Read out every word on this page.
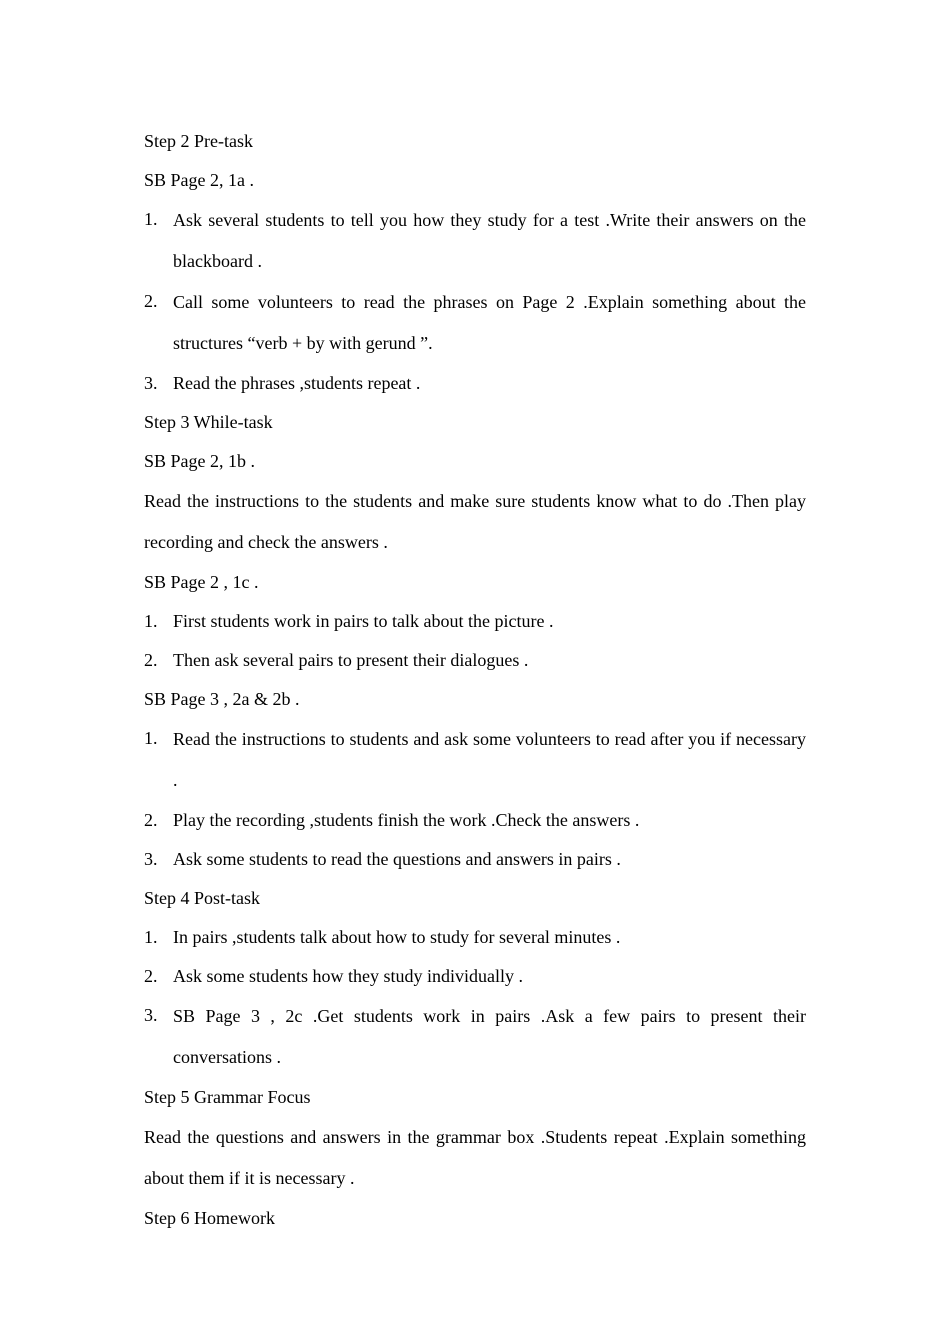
Step 2 Pre-task

SB Page 2, 1a .

1. Ask several students to tell you how they study for a test .Write their answers on the blackboard .
2. Call some volunteers to read the phrases on Page 2 .Explain something about the structures “verb + by with gerund ”.
3. Read the phrases ,students repeat .

Step 3 While-task

SB Page 2, 1b .

Read the instructions to the students and make sure students know what to do .Then play recording and check the answers .

SB Page 2 , 1c .

1. First students work in pairs to talk about the picture .
2. Then ask several pairs to present their dialogues .

SB Page 3 , 2a & 2b .

1. Read the instructions to students and ask some volunteers to read after you if necessary .
2. Play the recording ,students finish the work .Check the answers .
3. Ask some students to read the questions and answers in pairs .

Step 4 Post-task

1. In pairs ,students talk about how to study for several minutes .
2. Ask some students how they study individually .
3. SB Page 3 , 2c .Get students work in pairs .Ask a few pairs to present their conversations .

Step 5 Grammar Focus

Read the questions and answers in the grammar box .Students repeat .Explain something about them if it is necessary .

Step 6 Homework
